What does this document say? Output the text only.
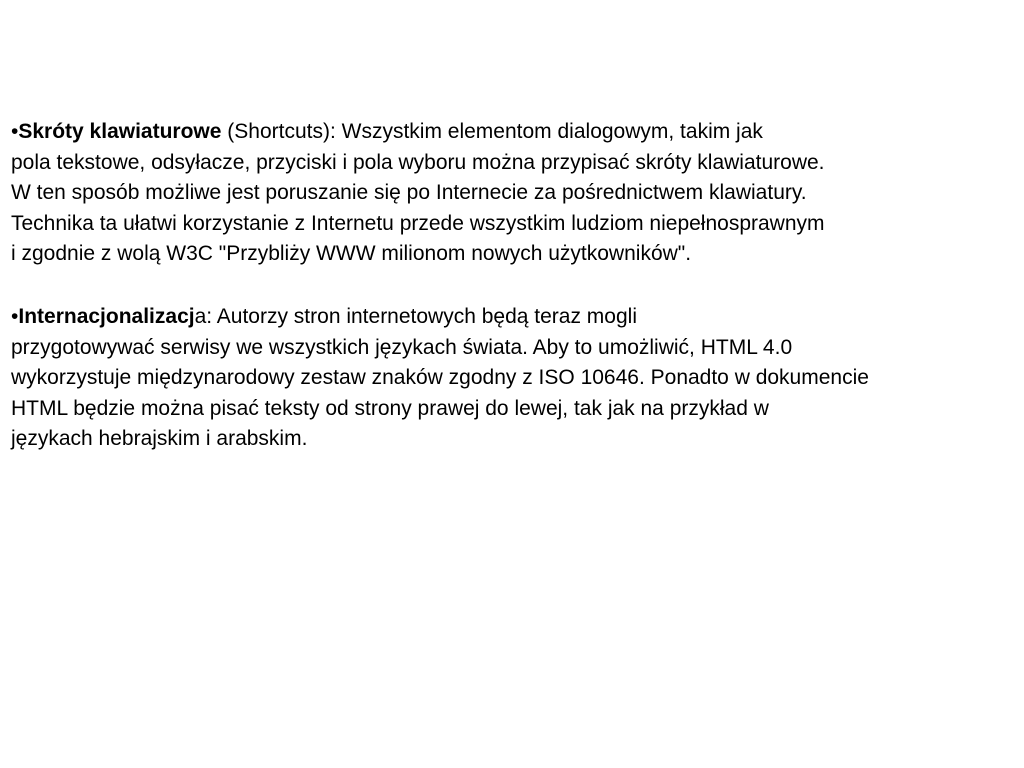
•Skróty klawiaturowe (Shortcuts): Wszystkim elementom dialogowym, takim jak
pola tekstowe, odsyłacze, przyciski i pola wyboru można przypisać skróty klawiaturowe.
W ten sposób możliwe jest poruszanie się po Internecie za pośrednictwem klawiatury.
Technika ta ułatwi korzystanie z Internetu przede wszystkim ludziom niepełnosprawnym
i zgodnie z wolą W3C "Przybliży WWW milionom nowych użytkowników".
•Internacjonalizacja: Autorzy stron internetowych będą teraz mogli
przygotowywać serwisy we wszystkich językach świata. Aby to umożliwić, HTML 4.0
wykorzystuje międzynarodowy zestaw znaków zgodny z ISO 10646. Ponadto w dokumencie
HTML będzie można pisać teksty od strony prawej do lewej, tak jak na przykład w
językach hebrajskim i arabskim.
